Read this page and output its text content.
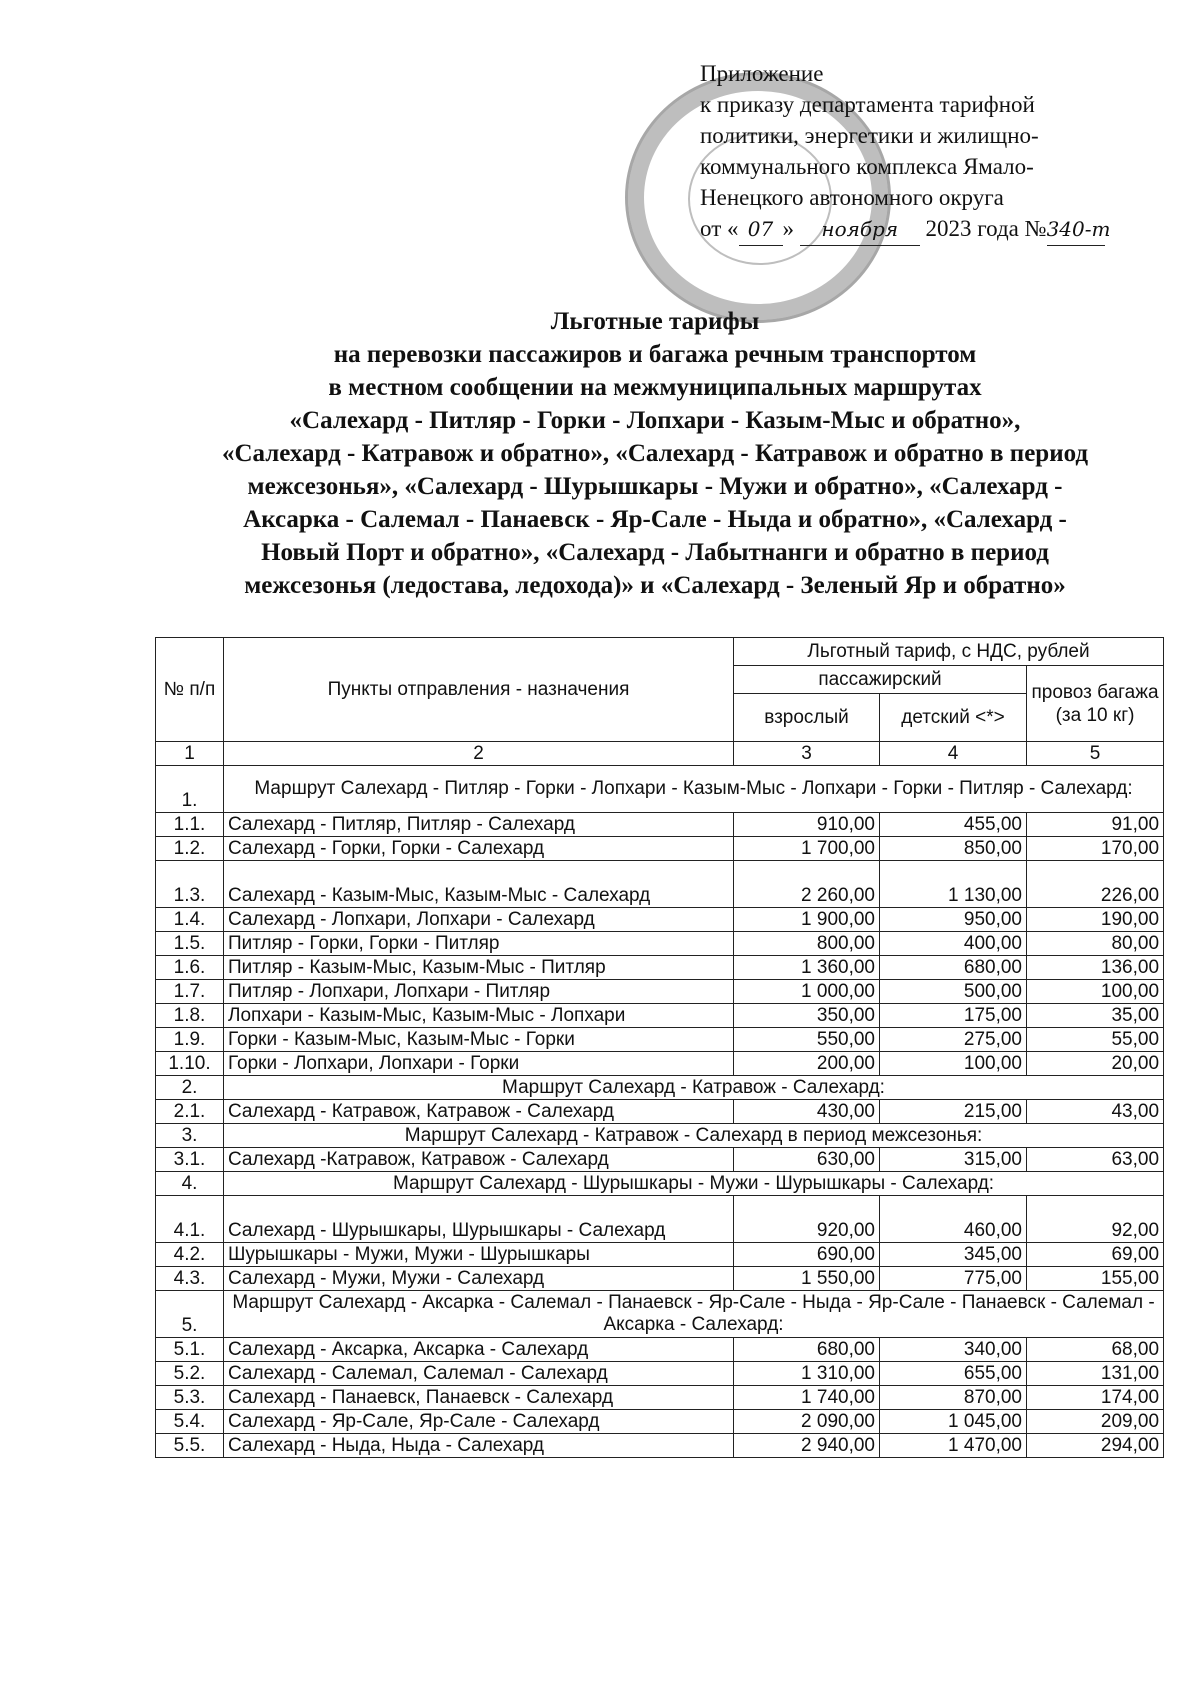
Приложение
к приказу департамента тарифной
политики, энергетики и жилищно-
коммунального комплекса Ямало-
Ненецкого автономного округа
от « 07 » ноября 2023 года №340-т
Льготные тарифы
на перевозки пассажиров и багажа речным транспортом
в местном сообщении на межмуниципальных маршрутах
«Салехард - Питляр - Горки - Лопхари - Казым-Мыс и обратно»,
«Салехард - Катравож и обратно», «Салехард - Катравож и обратно в период
межсезонья», «Салехард - Шурышкары - Мужи и обратно», «Салехард -
Аксарка - Салемал - Панаевск - Яр-Сале - Ныда и обратно», «Салехард -
Новый Порт и обратно», «Салехард - Лабытнанги и обратно в период
межсезонья (ледостава, ледохода)» и «Салехард - Зеленый Яр и обратно»
№ п/п	Пункты отправления - назначения	Льготный тариф, с НДС, рублей		
		пассажирский		провоз багажа (за 10 кг)
		взрослый	детский <*>	
1	2	3	4	5
1.	Маршрут Салехард - Питляр - Горки - Лопхари - Казым-Мыс - Лопхари - Горки - Питляр - Салехард:			
1.1.	Салехард - Питляр, Питляр - Салехард	910,00	455,00	91,00
1.2.	Салехард - Горки, Горки - Салехард	1 700,00	850,00	170,00
1.3.	Салехард - Казым-Мыс, Казым-Мыс - Салехард	2 260,00	1 130,00	226,00
1.4.	Салехард - Лопхари, Лопхари - Салехард	1 900,00	950,00	190,00
1.5.	Питляр - Горки, Горки - Питляр	800,00	400,00	80,00
1.6.	Питляр - Казым-Мыс, Казым-Мыс - Питляр	1 360,00	680,00	136,00
1.7.	Питляр - Лопхари, Лопхари - Питляр	1 000,00	500,00	100,00
1.8.	Лопхари - Казым-Мыс, Казым-Мыс - Лопхари	350,00	175,00	35,00
1.9.	Горки - Казым-Мыс, Казым-Мыс - Горки	550,00	275,00	55,00
1.10.	Горки - Лопхари, Лопхари - Горки	200,00	100,00	20,00
2.	Маршрут Салехард - Катравож - Салехард:			
2.1.	Салехард - Катравож, Катравож - Салехард	430,00	215,00	43,00
3.	Маршрут Салехард - Катравож - Салехард в период межсезонья:			
3.1.	Салехард -Катравож, Катравож - Салехард	630,00	315,00	63,00
4.	Маршрут Салехард - Шурышкары - Мужи - Шурышкары - Салехард:			
4.1.	Салехард - Шурышкары, Шурышкары - Салехард	920,00	460,00	92,00
4.2.	Шурышкары - Мужи, Мужи - Шурышкары	690,00	345,00	69,00
4.3.	Салехард - Мужи, Мужи - Салехард	1 550,00	775,00	155,00
5.	Маршрут Салехард - Аксарка - Салемал - Панаевск - Яр-Сале - Ныда - Яр-Сале - Панаевск - Салемал - Аксарка - Салехард:			
5.1.	Салехард - Аксарка, Аксарка - Салехард	680,00	340,00	68,00
5.2.	Салехард - Салемал, Салемал - Салехард	1 310,00	655,00	131,00
5.3.	Салехард - Панаевск, Панаевск - Салехард	1 740,00	870,00	174,00
5.4.	Салехард - Яр-Сале, Яр-Сале - Салехард	2 090,00	1 045,00	209,00
5.5.	Салехард - Ныда, Ныда - Салехард	2 940,00	1 470,00	294,00
